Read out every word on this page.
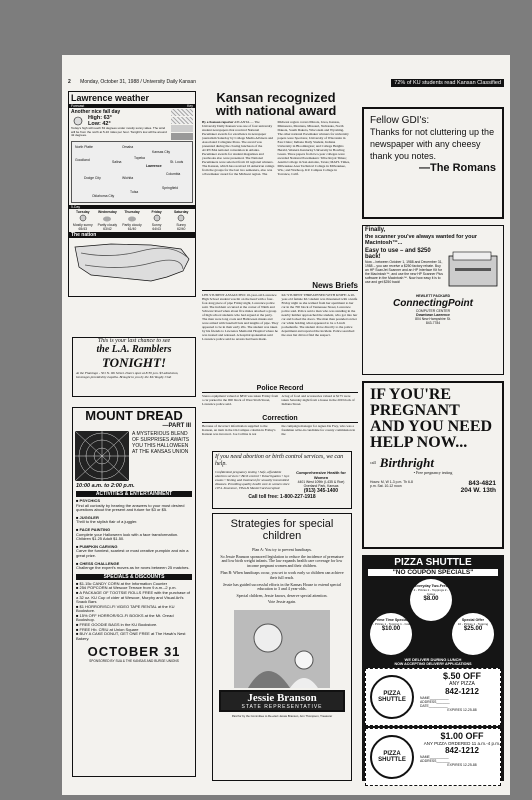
2 Monday, October 31, 1988 / University Daily Kansan	72% of KU students read Kansan Classified
Lawrence weather
Forecast	Key
Another nice fall day
High: 63°
Low: 42°
Today's high will reach 63 degrees under mostly sunny skies. The wind will be from the north at 5-10 miles per hour. Tonight's low will be around 42 degrees.
North Platte	Omaha
Goodland	Salina
Topeka
Lawrence
Kansas City
Dodge City	Wichita
Columbia
Springfield
Tulsa
Oklahoma City
St. Louis
5-Day
Tuesday
Mostly sunny
65/43
Wednesday
Partly cloudy
63/42
Thursday
Partly cloudy
61/40
Friday
Sunny
64/43
Saturday
Sunny
62/40
The nation
Kansan recognized with national award
By a Kansan reporter ATLANTA — The University Daily Kansan was one of four university student newspapers that received National Pacemaker awards for excellence in newspaper journalism Saturday by College Media Advisers and Associated Collegiate Press. The award was presented during the closing luncheon of the ACP/CMA national convention in Atlanta. Pacemaker awards for student magazines and yearbooks also were presented. The National Pacemakers were selected from 16 regional winners. The Kansan, which has received 16 American ratings from the groups for the last two semesters, also was a Pacemaker award for the Midwest region. The Midwest region covers Illinois, Iowa, Kansas, Minnesota, Montana, Missouri, Nebraska, North Dakota, South Dakota, Wisconsin and Wyoming. The other national Pacemaker winners for university papers were Spectator, University of Wisconsin in Eau Claire; Indiana Daily Student, Indiana University in Bloomington; and College Heights Herald, Western Kentucky University in Bowling Green. Three papers from two-year colleges were awarded National Pacemakers: Tribe Royal Times; Austin College in San Antonio, Texas; MAYL Times, Milwaukee Area Technical College in Milwaukee, Wis.; and Warhoop, KU Campus College in Torrance, Calif.
Fellow GDI's:
Thanks for not cluttering up the newspaper with any cheesy thank you notes.
—The Romans
Finally,
the scanner you've always wanted for your Macintosh™...
Easy to use – and $250 back!
Now – between October 1, 1988 and December 31, 1988 – you can receive a $250 factory rebate. Buy an HP ScanJet Scanner and an HP Interface Kit for the Macintosh™, and use the new HP Scanner Plus software in the Macintosh™. Now how easy it is to use and get $250 back!
HEWLETT PACKARD
ConnectingPoint
COMPUTER CENTER
Downtown Lawrence
804 New Hampshire St.
843-7784
News Briefs
LHS STUDENT ASSAULTED: 16-year-old Lawrence High School student was hit on the head with a four-foot-long piece of pipe Friday night, Lawrence police said. The incident occurred at the corner of Ninth and Schwarz Road when about five males attacked a group of high school students who had argued at the party. The men were long coats and Halloween masks and were armed with baseball bats and lengths of pipe. They appeared to be in their early 20s. The student was taken by his friends to Lawrence Memorial Hospital where he was treated and released. A hospital spokesman said Lawrence police said no arrests had been made.
KU STUDENT THREATENED WITH KNIFE: A 20-year-old female KU student was threatened with a knife Friday night as she walked from her apartment to her car in the 700 block of Tennessee Street, Lawrence police said. Police said a man who was standing in the nearby lumber approached the student, who got into her car and locked the doors. The man then pounded on her car while holding what appeared to be a 3-inch pocketknife. The student drove directly to the police department and reported the incident. Police searched the area but did not find the suspect.
Police Record
Stereo equipment valued at $850 was taken Friday from a car parked in the 900 block of West Sixth Street, Lawrence police said.
A bag of food and accessories valued at $175 were taken Saturday night from a house in the 200 block of Indiana Street.
Correction
Because of incorrect information supplied to the Kansan, an item in the On Campus column in Friday's Kansan was incorrect. Joe Collins is not
the campaign manager for Agnes De Frey, who was a freshman write-in candidate for county commission in the
This is your last chance to see
the L.A. Ramblers
TONIGHT!
At the Flamingo - 501 N. 9th Street. Doors open at 8:30 p.m. $3 admission, beverages provided by Lapella. Brought to you by the KU Rugby Club
MOUNT DREAD
—PART III
A MYSTERIOUS BLEND OF SURPRISES AWAITS YOU THIS HALLOWEEN AT THE KANSAS UNION
10:00 a.m. to 2:00 p.m.
ACTIVITIES & ENTERTAINMENT
■ PSYCHICS
Find all curiosity by hearing the answers to your most desired questions about the present and future for $3 or $5.
■ JUGGLER
Thrill to the stylish flair of a juggler.
■ FACE PAINTING
Complete your Halloween look with a face transformation. Children $1.25 Adult $1.50.
■ PUMPKIN CARVING
Carve the funniest, scariest or most creative pumpkin and win a great prize.
■ CHESS CHALLENGE
Challenge the expert's moves as he roves between 25 matches.
SPECIALS & DISCOUNTS
■ $1.15c CANDY CORN at the Information Counter
■ 25¢ POPCORN at Wescoe Terrace from 9 a.m.–2 p.m.
■ A PACKAGE OF TOOTSIE ROLLS FREE with the purchase of a 32 oz. KU Cup of cider at Wescoe, Murphy and Visual Art's Snack Bars
■ $1 HORROR/SCI-FI VIDEO TAPE RENTAL at the KU Bookstore.
■ 15% OFF HORROR/SCI-FI BOOKS at the Mt. Oread Bookshop.
■ FREE GOODIE BAGS in the KU Bookstore.
■ FREE Hb. CRIU at Union Square
■ BUY A CAKE DONUT, GET ONE FREE at The Hawk's Nest Bakery.
OCTOBER 31
SPONSORED BY SUA & THE KANSAS AND BURGE UNIONS
If you need abortion or birth control services, we can help.
Confidential pregnancy testing • Safe, affordable abortion services • Birth control • Tubal ligation • Gyn exams • Testing and treatment for sexually transmitted diseases. Providing quality health care to women since 1974. Insurance, VISA & MasterCard accepted.
Comprehensive Health for Women
4401 West 109th (I-435 & Roe) Overland Park, Kansas
(913) 345-1400
Call toll free: 1-800-227-1918
Strategies for special children
Plan A: You try to prevent handicaps.
So Jessie Branson sponsored legislation to reduce the incidence of premature and low birth weight infants. The law expands health care coverage for low income pregnant women and their children.
Plan B: When handicaps occur, you set to work early so children can achieve their full reach.
Jessie has guided successful efforts in the Kansas House to extend special education to 3 and 4 year-olds.
Special children, Jessie knows, deserve special attention.
Vote Jessie again.
Jessie Branson
STATE REPRESENTATIVE
Paid for by the Committee to Re-elect Jessie Branson, Ann Thompson, Treasurer
IF YOU'RE PREGNANT AND YOU NEED HELP NOW...
call Birthright
• Free pregnancy testing
Hours: M, W 1-3 p.m. Th 6-8 p.m. Sat. 10-12 noon	843-4821
204 W. 13th
PIZZA SHUTTLE
"NO COUPON SPECIALS"
Everyday Two-Fers
2 - Pizzas 2 - Toppings 2 - Cokes
$8.00
Prime Time Special
2 - Pizzas 1 - Topping 1 - Coke
$10.00
Special Offer
10 - Pizzas 1 - Topping
$25.00
WE DELIVER DURING LUNCH
NOW ACCEPTING DELIVERY APPLICATIONS
PIZZA SHUTTLE
$.50 OFF
ANY PIZZA
842-1212
NAME__________
ADDRESS_______
DATE__________
EXPIRES 12-25-88
PIZZA SHUTTLE
$1.00 OFF
ANY PIZZA ORDERED 11 a.m.-4 p.m.
842-1212
NAME__________
ADDRESS_______
EXPIRES 12-25-88
